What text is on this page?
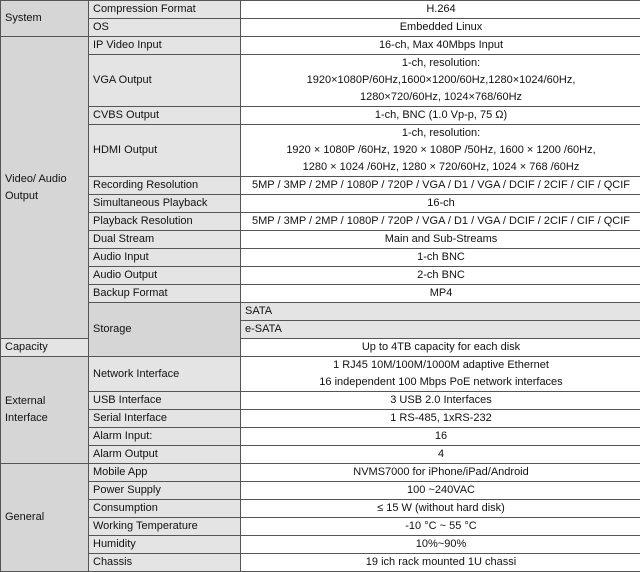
System	Compression Format	H.264	

	OS	Embedded Linux	

Video/ Audio
Output	IP Video Input	16-ch, Max 40Mbps Input	

	VGA Output	1-ch, resolution:
1920×1080P/60Hz,1600×1200/60Hz,1280×1024/60Hz,
1280×720/60Hz, 1024×768/60Hz	

	CVBS Output	1-ch, BNC (1.0 Vp-p, 75 Ω)	

	HDMI Output	1-ch, resolution:
1920 × 1080P /60Hz, 1920 × 1080P /50Hz, 1600 × 1200 /60Hz,
1280 × 1024 /60Hz, 1280 × 720/60Hz, 1024 × 768 /60Hz	

	Recording Resolution	5MP / 3MP / 2MP / 1080P / 720P / VGA / D1 / VGA / DCIF / 2CIF / CIF / QCIF	

	Simultaneous Playback	16-ch	

	Playback Resolution	5MP / 3MP / 2MP / 1080P / 720P / VGA / D1 / VGA / DCIF / 2CIF / CIF / QCIF	

	Dual Stream	Main and Sub-Streams	

	Audio Input	1-ch BNC	

	Audio Output	2-ch BNC	

	Backup Format	MP4	

	Storage	SATA	

		e-SATA	

Capacity		Up to 4TB capacity for each disk	

External
Interface	Network Interface	1 RJ45 10M/100M/1000M adaptive Ethernet
16 independent 100 Mbps PoE network interfaces	

	USB Interface	3 USB 2.0 Interfaces	

	Serial Interface	1 RS-485, 1xRS-232	

	Alarm Input:	16	

	Alarm Output	4	

General	Mobile App	NVMS7000 for iPhone/iPad/Android	

	Power Supply	100 ~240VAC	

	Consumption	≤ 15 W (without hard disk)	

	Working Temperature	-10 °C ~ 55 °C	

	Humidity	10%~90%	

	Chassis	19 ich rack mounted 1U chassi	
